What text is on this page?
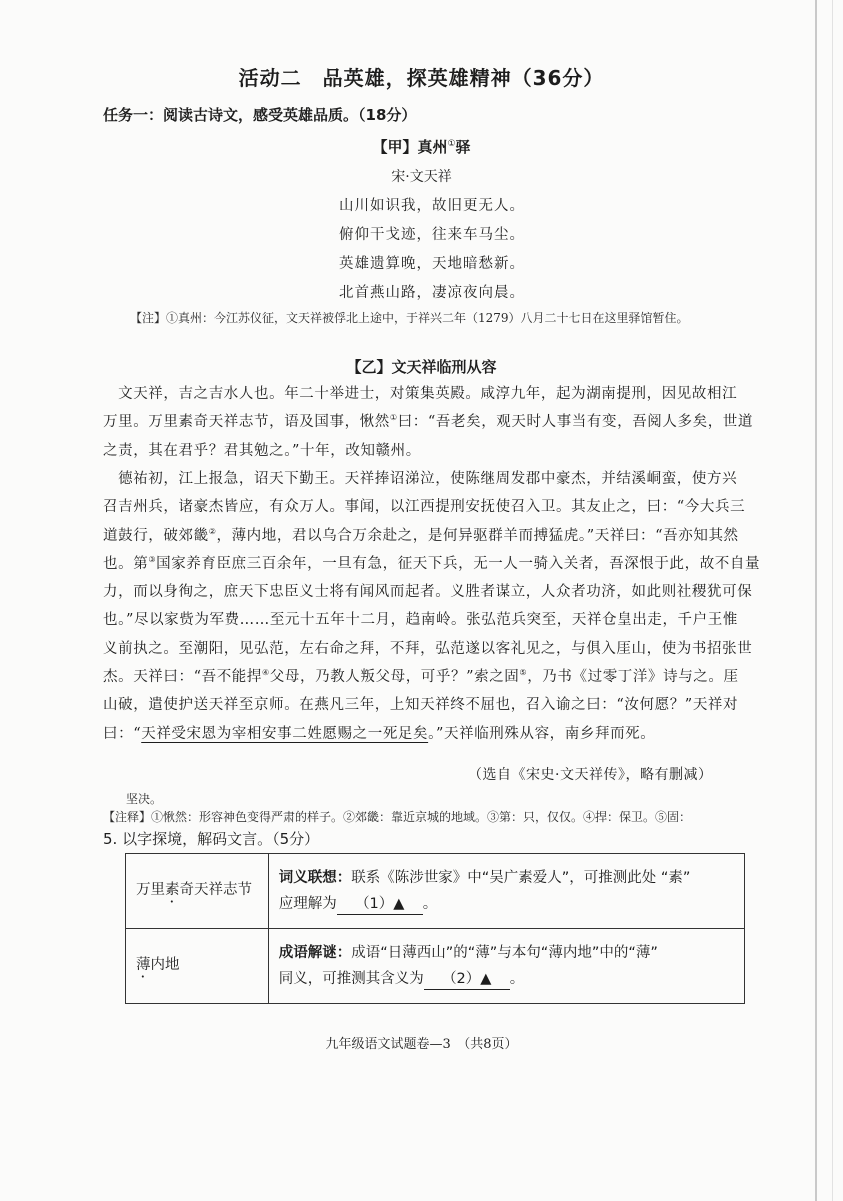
活动二　品英雄，探英雄精神（36分）
任务一：阅读古诗文，感受英雄品质。（18分）
【甲】真州①驿
宋·文天祥
山川如识我，故旧更无人。
俯仰干戈迹，往来车马尘。
英雄遗算晚，天地暗愁新。
北首燕山路，凄凉夜向晨。
【注】①真州：今江苏仪征，文天祥被俘北上途中，于祥兴二年（1279）八月二十七日在这里驿馆暂住。
【乙】文天祥临刑从容
　文天祥，吉之吉水人也。年二十举进士，对策集英殿。咸淳九年，起为湖南提刑，因见故相江
万里。万里素奇天祥志节，语及国事，愀然①曰：“吾老矣，观天时人事当有变，吾阅人多矣，世道
之责，其在君乎？君其勉之。”十年，改知赣州。
　德祐初，江上报急，诏天下勤王。天祥捧诏涕泣，使陈继周发郡中豪杰，并结溪峒蛮，使方兴
召吉州兵，诸豪杰皆应，有众万人。事闻，以江西提刑安抚使召入卫。其友止之，曰：“今大兵三
道鼓行，破郊畿②，薄内地，君以乌合万余赴之，是何异驱群羊而搏猛虎。”天祥曰：“吾亦知其然
也。第③国家养育臣庶三百余年，一旦有急，征天下兵，无一人一骑入关者，吾深恨于此，故不自量
力，而以身徇之，庶天下忠臣义士将有闻风而起者。义胜者谋立，人众者功济，如此则社稷犹可保
也。”尽以家赀为军费……至元十五年十二月，趋南岭。张弘范兵突至，天祥仓皇出走，千户王惟
义前执之。至潮阳，见弘范，左右命之拜，不拜，弘范遂以客礼见之，与俱入厓山，使为书招张世
杰。天祥曰：“吾不能捍④父母，乃教人叛父母，可乎？”索之固⑤，乃书《过零丁洋》诗与之。厓
山破，遣使护送天祥至京师。在燕凡三年，上知天祥终不屈也，召入谕之曰：“汝何愿？”天祥对
曰：“天祥受宋恩为宰相安事二姓愿赐之一死足矣。”天祥临刑殊从容，南乡拜而死。
坚决。
（选自《宋史·文天祥传》，略有删减）
【注释】①愀然：形容神色变得严肃的样子。②郊畿：靠近京城的地域。③第：只，仅仅。④捍：保卫。⑤固：
5. 以字探境，解码文言。（5分）
万里素奇天祥志节	词义联想：联系《陈涉世家》中“吴广素爱人”，可推测此处 “素”
应理解为 （1）▲ 。
薄内地	成语解谜：成语“日薄西山”的“薄”与本句“薄内地”中的“薄”
同义，可推测其含义为 （2）▲ 。
九年级语文试题卷—3　（共8页）
